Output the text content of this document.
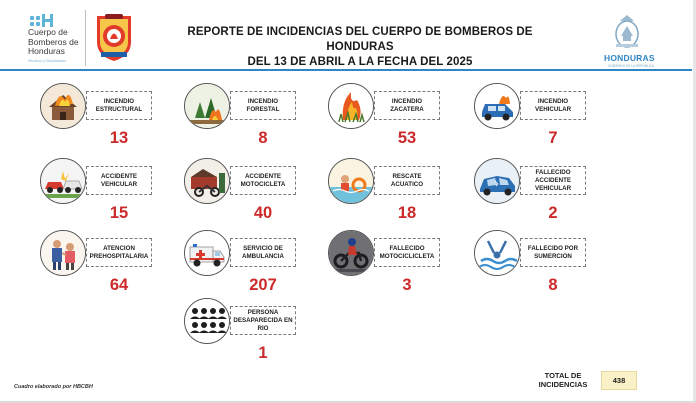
Cuerpo de Bomberos de Honduras
Heroicos y Disciplinados
REPORTE DE INCIDENCIAS DEL CUERPO DE BOMBEROS DE HONDURAS
DEL 13 DE ABRIL A LA FECHA DEL 2025	HONDURAS
GOBIERNO DE LA REPÚBLICA
INCENDIO ESTRUCTURAL
13
INCENDIO FORESTAL
8
INCENDIO ZACATERA
53
INCENDIO VEHICULAR
7
ACCIDENTE VEHICULAR
15
ACCIDENTE MOTOCICLETA
40
RESCATE ACUATICO
18
FALLECIDO ACCIDENTE VEHICULAR
2
ATENCION PREHOSPITALARIA
64
SERVICIO DE AMBULANCIA
207
FALLECIDO MOTOCICLICLETA
3
FALLECIDO POR SUMERCION
8
PERSONA DESAPARECIDA EN RIO
1
Cuadro elaborado por HBCBH
TOTAL DE INCIDENCIAS	438
